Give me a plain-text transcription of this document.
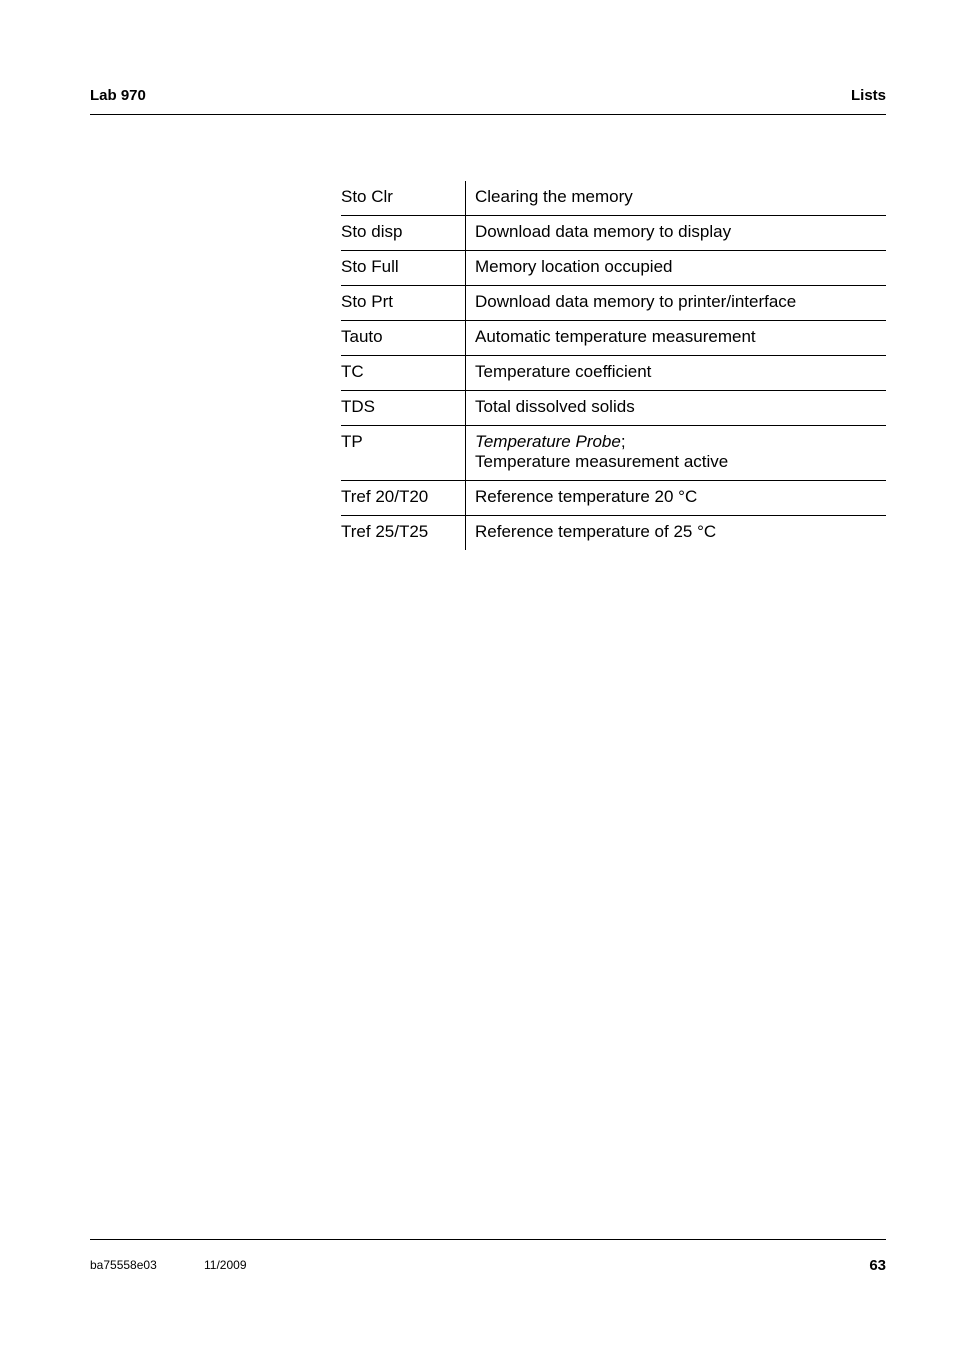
Lab 970	Lists
Sto Clr	Clearing the memory
Sto disp	Download data memory to display
Sto Full	Memory location occupied
Sto Prt	Download data memory to printer/interface
Tauto	Automatic temperature measurement
TC	Temperature coefficient
TDS	Total dissolved solids
TP	Temperature Probe;
Temperature measurement active
Tref 20/T20	Reference temperature 20 °C
Tref 25/T25	Reference temperature of 25 °C
ba75558e03	11/2009	63
